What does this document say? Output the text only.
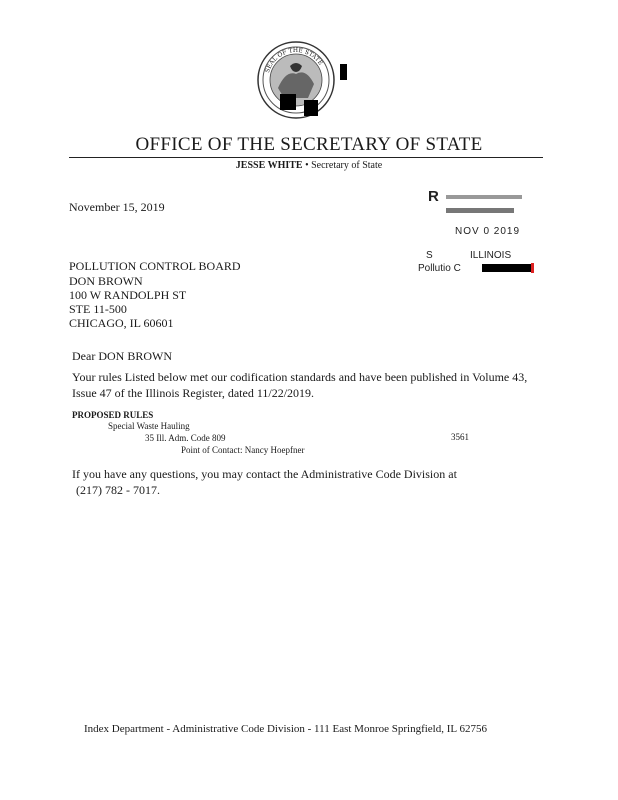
SEAL OF THE STATE
OFFICE OF THE SECRETARY OF STATE
JESSE WHITE • Secretary of State
R
NOV 0 2019
S	ILLINOIS
Pollutio C
November 15, 2019
POLLUTION CONTROL BOARD
DON BROWN
100 W RANDOLPH ST
STE 11-500
CHICAGO, IL 60601
Dear DON BROWN
Your rules Listed below met our codification standards and have been published in Volume 43,
Issue 47 of the Illinois Register, dated 11/22/2019.
PROPOSED RULES
Special Waste Hauling
35 Ill. Adm. Code 809	3561
Point of Contact: Nancy Hoepfner
If you have any questions, you may contact the Administrative Code Division at
(217) 782 - 7017.
Index Department - Administrative Code Division - 111 East Monroe Springfield, IL 62756
